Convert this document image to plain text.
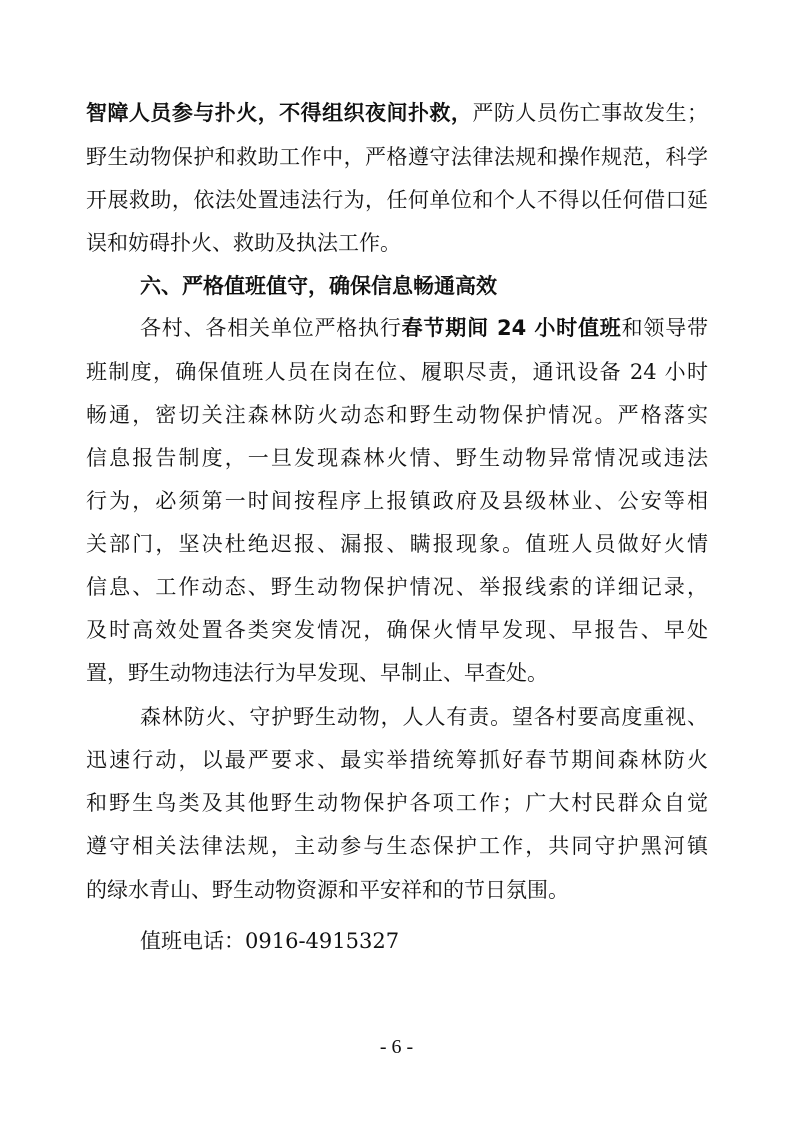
智障人员参与扑火，不得组织夜间扑救，严防人员伤亡事故发生；
野生动物保护和救助工作中，严格遵守法律法规和操作规范，科学
开展救助，依法处置违法行为，任何单位和个人不得以任何借口延
误和妨碍扑火、救助及执法工作。
六、严格值班值守，确保信息畅通高效
各村、各相关单位严格执行春节期间 24 小时值班和领导带
班制度，确保值班人员在岗在位、履职尽责，通讯设备 24 小时
畅通，密切关注森林防火动态和野生动物保护情况。严格落实
信息报告制度，一旦发现森林火情、野生动物异常情况或违法
行为，必须第一时间按程序上报镇政府及县级林业、公安等相
关部门，坚决杜绝迟报、漏报、瞒报现象。值班人员做好火情
信息、工作动态、野生动物保护情况、举报线索的详细记录，
及时高效处置各类突发情况，确保火情早发现、早报告、早处
置，野生动物违法行为早发现、早制止、早查处。
森林防火、守护野生动物，人人有责。望各村要高度重视、
迅速行动，以最严要求、最实举措统筹抓好春节期间森林防火
和野生鸟类及其他野生动物保护各项工作；广大村民群众自觉
遵守相关法律法规，主动参与生态保护工作，共同守护黑河镇
的绿水青山、野生动物资源和平安祥和的节日氛围。
值班电话：0916-4915327
- 6 -
